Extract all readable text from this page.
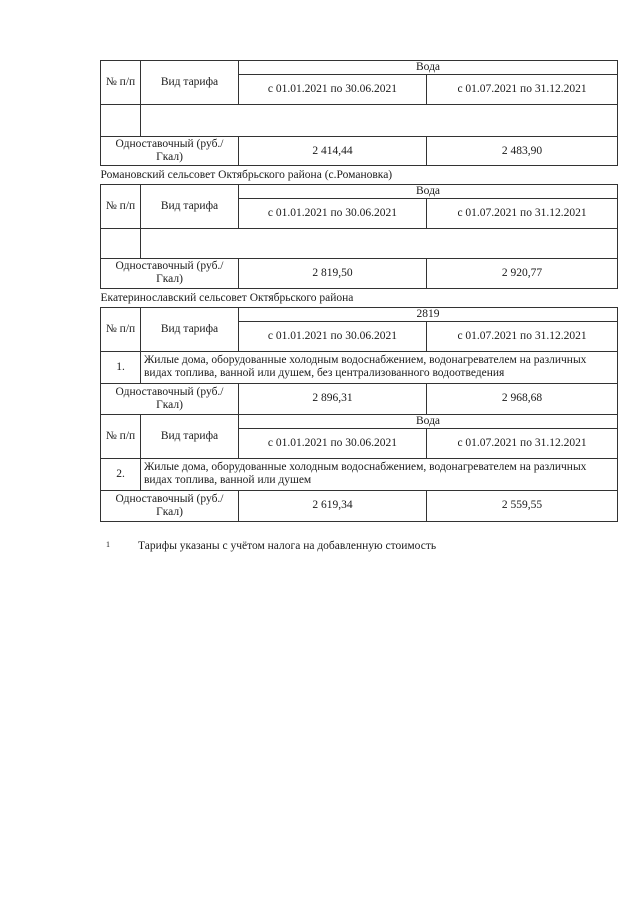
№ п/п	Вид тарифа	Вода	
		с 01.01.2021 по 30.06.2021	с 01.07.2021 по 31.12.2021

Одноставочный (руб./Гкал)		2 414,44	2 483,90
Романовский сельсовет Октябрьского района (с.Романовка)			
№ п/п	Вид тарифа	Вода	
		с 01.01.2021 по 30.06.2021	с 01.07.2021 по 31.12.2021

Одноставочный (руб./Гкал)		2 819,50	2 920,77
Екатеринославский сельсовет Октябрьского района			
№ п/п	Вид тарифа	2819	
		с 01.01.2021 по 30.06.2021	с 01.07.2021 по 31.12.2021
1.	Жилые дома, оборудованные холодным водоснабжением, водонагревателем на различных видах топлива, ванной или душем, без централизованного водоотведения		
Одноставочный (руб./Гкал)		2 896,31	2 968,68
№ п/п	Вид тарифа	Вода	
		с 01.01.2021 по 30.06.2021	с 01.07.2021 по 31.12.2021
2.	Жилые дома, оборудованные холодным водоснабжением, водонагревателем на различных видах топлива, ванной или душем		
Одноставочный (руб./Гкал)		2 619,34	2 559,55
1 Тарифы указаны с учётом налога на добавленную стоимость
